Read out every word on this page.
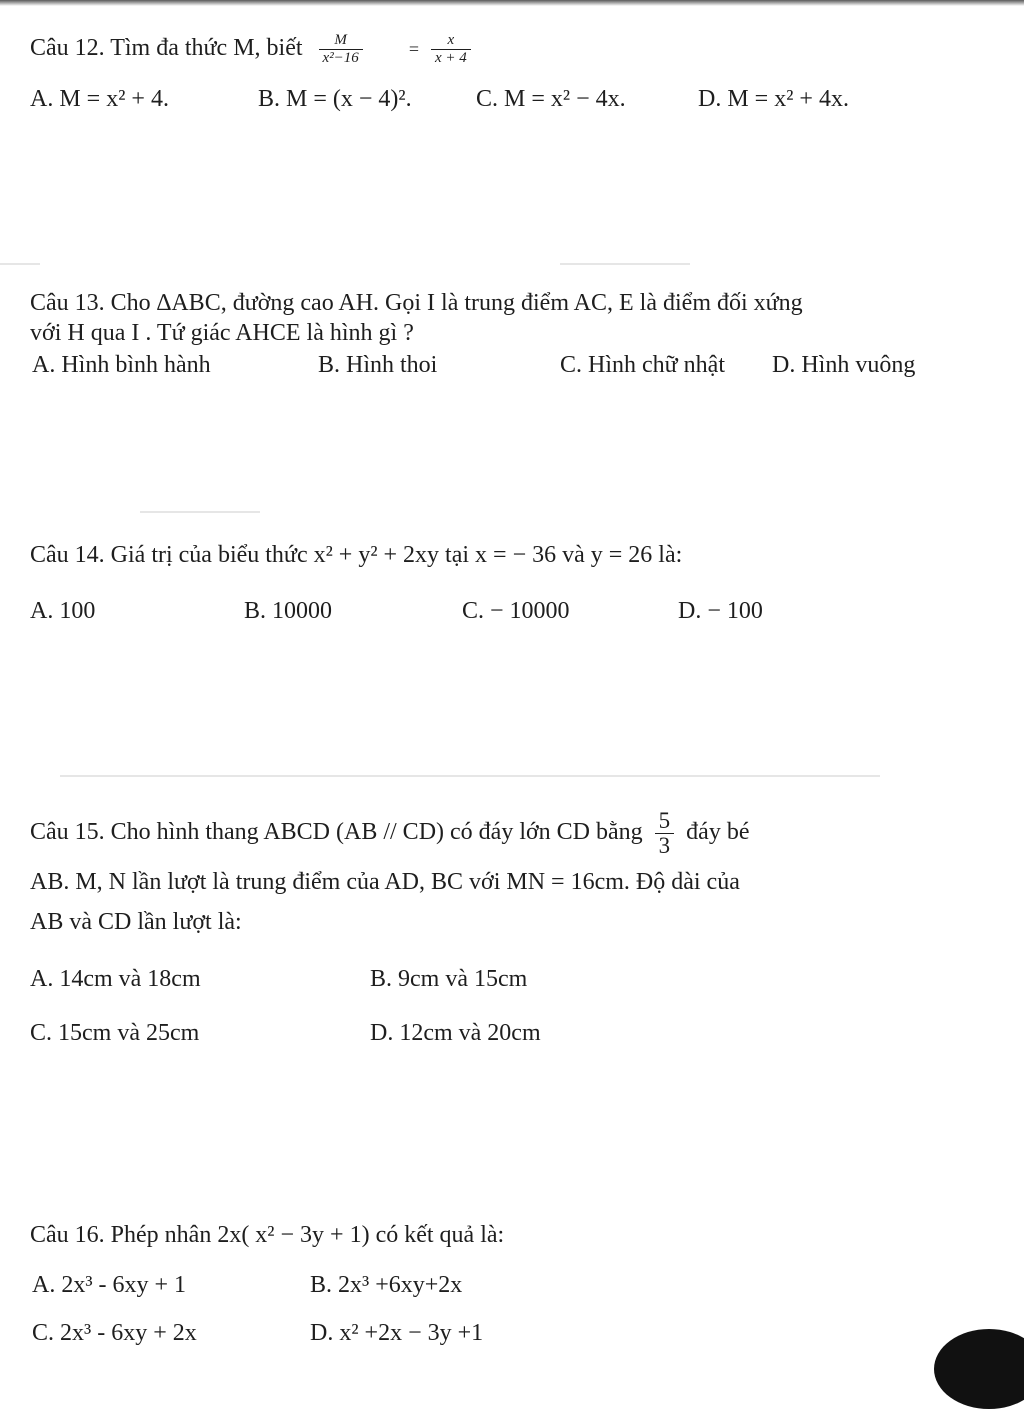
Câu 12. Tìm đa thức M, biết $\frac{M}{\text{x²−16}}$	= $\frac{x}{x + 4}$
A. M = x² + 4.	B. M = (x − 4)².	C. M = x² − 4x.	D. M = x² + 4x.
Câu 13. Cho ∆ABC, đường cao AH. Gọi I là trung điểm AC, E là điểm đối xứng
với H qua I . Tứ giác AHCE là hình gì ?
A. Hình bình hành	B. Hình thoi	C. Hình chữ nhật D. Hình vuông
Câu 14. Giá trị của biểu thức x² + y² + 2xy tại x = − 36 và y = 26 là:
A. 100	B. 10000	C. − 10000	D. − 100
Câu 15. Cho hình thang ABCD (AB // CD) có đáy lớn CD bằng $\frac{5}{3}$ đáy bé
AB. M, N lần lượt là trung điểm của AD, BC với MN = 16cm. Độ dài của
AB và CD lần lượt là:
A. 14cm và 18cm	B. 9cm và 15cm
C. 15cm và 25cm	D. 12cm và 20cm
Câu 16. Phép nhân 2x( x² − 3y + 1) có kết quả là:
A. 2x³ - 6xy + 1	B. 2x³ +6xy+2x
C. 2x³ - 6xy + 2x	D. x² +2x − 3y +1
